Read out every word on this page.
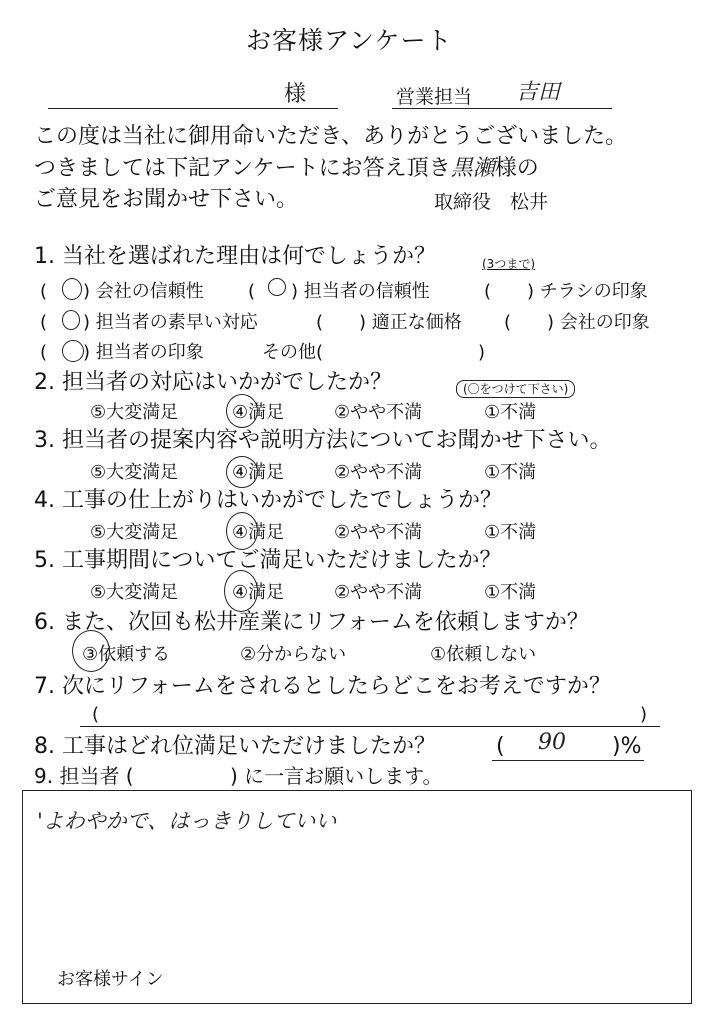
お客様アンケート
様	営業担当 吉田
この度は当社に御用命いただき、ありがとうございました。
つきましては下記アンケートにお答え頂き黒瀬様の
ご意見をお聞かせ下さい。	取締役　松井
1. 当社を選ばれた理由は何でしょうか？	(3つまで)
(　　) 会社の信頼性 (　　) 担当者の信頼性	(　　) チラシの印象
(　　) 担当者の素早い対応	(　　) 適正な価格 (　　) 会社の印象
(　　) 担当者の印象	その他(	)
2. 担当者の対応はいかがでしたか？	(〇をつけて下さい)
⑤大変満足	④満足	②やや不満	①不満
3. 担当者の提案内容や説明方法についてお聞かせ下さい。
⑤大変満足	④満足	②やや不満	①不満
4. 工事の仕上がりはいかがでしたでしょうか？
⑤大変満足	④満足	②やや不満	①不満
5. 工事期間についてご満足いただけましたか？
⑤大変満足	④満足	②やや不満	①不満
6. また、次回も松井産業にリフォームを依頼しますか？
③依頼する	②分からない	①依頼しない
7. 次にリフォームをされるとしたらどこをお考えですか？
(	)
8. 工事はどれ位満足いただけましたか？	( 90 )%
9. 担当者 (	) に一言お願いします。
'よわやかで、はっきりしていい
お客様サイン
